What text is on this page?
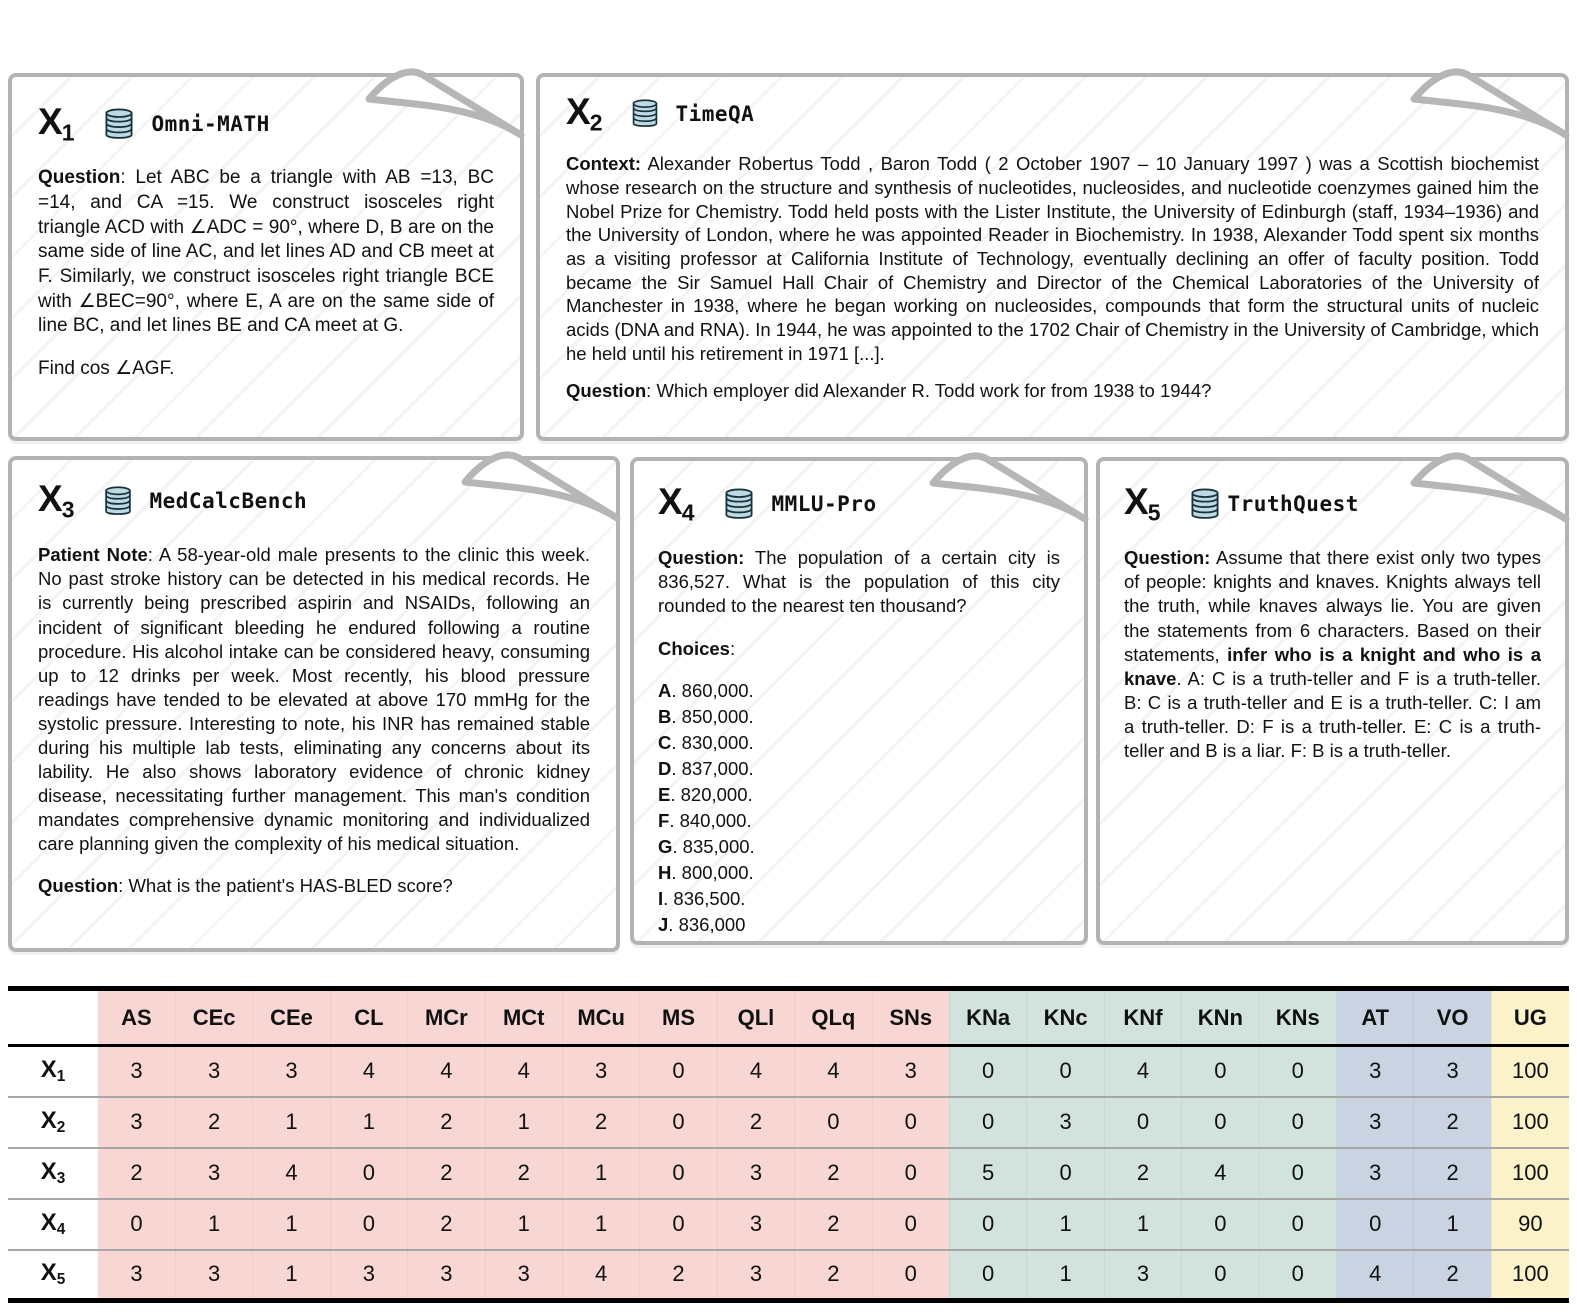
$X_1$	Omni-MATH

Question: Let ABC be a triangle with AB =13, BC =14, and CA =15. We construct isosceles right triangle ACD with ∠ADC = 90°, where D, B are on the same side of line AC, and let lines AD and CB meet at F. Similarly, we construct isosceles right triangle BCE with ∠BEC=90°, where E, A are on the same side of line BC, and let lines BE and CA meet at G.

Find cos ∠AGF.

$X_2$	TimeQA

Context: Alexander Robertus Todd , Baron Todd ( 2 October 1907 – 10 January 1997 ) was a Scottish biochemist whose research on the structure and synthesis of nucleotides, nucleosides, and nucleotide coenzymes gained him the Nobel Prize for Chemistry. Todd held posts with the Lister Institute, the University of Edinburgh (staff, 1934–1936) and the University of London, where he was appointed Reader in Biochemistry. In 1938, Alexander Todd spent six months as a visiting professor at California Institute of Technology, eventually declining an offer of faculty position. Todd became the Sir Samuel Hall Chair of Chemistry and Director of the Chemical Laboratories of the University of Manchester in 1938, where he began working on nucleosides, compounds that form the structural units of nucleic acids (DNA and RNA). In 1944, he was appointed to the 1702 Chair of Chemistry in the University of Cambridge, which he held until his retirement in 1971 [...].

Question: Which employer did Alexander R. Todd work for from 1938 to 1944?

$X_3$	MedCalcBench

Patient Note: A 58-year-old male presents to the clinic this week. No past stroke history can be detected in his medical records. He is currently being prescribed aspirin and NSAIDs, following an incident of significant bleeding he endured following a routine procedure. His alcohol intake can be considered heavy, consuming up to 12 drinks per week. Most recently, his blood pressure readings have tended to be elevated at above 170 mmHg for the systolic pressure. Interesting to note, his INR has remained stable during his multiple lab tests, eliminating any concerns about its lability. He also shows laboratory evidence of chronic kidney disease, necessitating further management. This man's condition mandates comprehensive dynamic monitoring and individualized care planning given the complexity of his medical situation.

Question: What is the patient's HAS-BLED score?

$X_4$	MMLU-Pro

Question: The population of a certain city is 836,527. What is the population of this city rounded to the nearest ten thousand?

Choices:

A. 860,000.

B. 850,000.

C. 830,000.

D. 837,000.

E. 820,000.

F. 840,000.

G. 835,000.

H. 800,000.

I. 836,500.

J. 836,000

$X_5$	TruthQuest

Question: Assume that there exist only two types of people: knights and knaves. Knights always tell the truth, while knaves always lie. You are given the statements from 6 characters. Based on their statements, infer who is a knight and who is a knave. A: C is a truth-teller and F is a truth-teller. B: C is a truth-teller and E is a truth-teller. C: I am a truth-teller. D: F is a truth-teller. E: C is a truth-teller and B is a liar. F: B is a truth-teller.

	AS	CEc	CEe	CL	MCr	MCt	MCu	MS	QLl	QLq	SNs	KNa	KNc	KNf	KNn	KNs	AT	VO	UG
$X_1$	3	3	3	4	4	4	3	0	4	4	3	0	0	4	0	0	3	3	100
$X_2$	3	2	1	1	2	1	2	0	2	0	0	0	3	0	0	0	3	2	100
$X_3$	2	3	4	0	2	2	1	0	3	2	0	5	0	2	4	0	3	2	100
$X_4$	0	1	1	0	2	1	1	0	3	2	0	0	1	1	0	0	0	1	90
$X_5$	3	3	1	3	3	3	4	2	3	2	0	0	1	3	0	0	4	2	100
